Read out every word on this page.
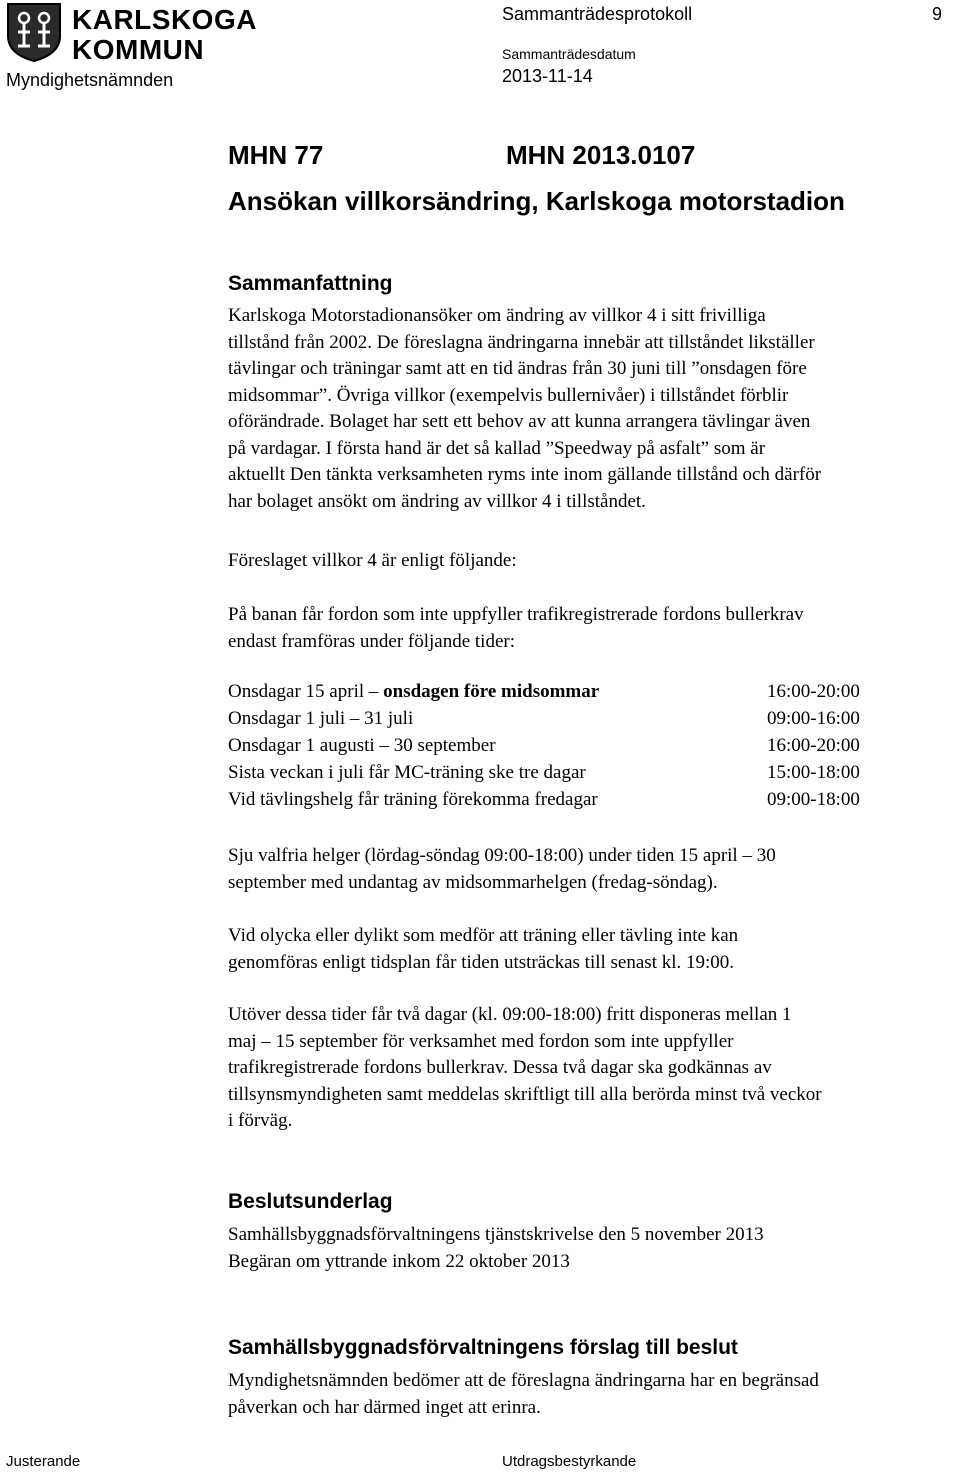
KARLSKOGA
KOMMUN
Myndighetsnämnden
Sammanträdesprotokoll	9
Sammanträdesdatum
2013-11-14
MHN 77	MHN 2013.0107
Ansökan villkorsändring, Karlskoga motorstadion
Sammanfattning
Karlskoga Motorstadionansöker om ändring av villkor 4 i sitt frivilliga
tillstånd från 2002. De föreslagna ändringarna innebär att tillståndet likställer
tävlingar och träningar samt att en tid ändras från 30 juni till ”onsdagen före
midsommar”. Övriga villkor (exempelvis bullernivåer) i tillståndet förblir
oförändrade. Bolaget har sett ett behov av att kunna arrangera tävlingar även
på vardagar. I första hand är det så kallad ”Speedway på asfalt” som är
aktuellt Den tänkta verksamheten ryms inte inom gällande tillstånd och därför
har bolaget ansökt om ändring av villkor 4 i tillståndet.
Föreslaget villkor 4 är enligt följande:
På banan får fordon som inte uppfyller trafikregistrerade fordons bullerkrav
endast framföras under följande tider:
Onsdagar 15 april – onsdagen före midsommar	16:00-20:00
Onsdagar 1 juli – 31 juli	09:00-16:00
Onsdagar 1 augusti – 30 september	16:00-20:00
Sista veckan i juli får MC-träning ske tre dagar	15:00-18:00
Vid tävlingshelg får träning förekomma fredagar	09:00-18:00
Sju valfria helger (lördag-söndag 09:00-18:00) under tiden 15 april – 30
september med undantag av midsommarhelgen (fredag-söndag).
Vid olycka eller dylikt som medför att träning eller tävling inte kan
genomföras enligt tidsplan får tiden utsträckas till senast kl. 19:00.
Utöver dessa tider får två dagar (kl. 09:00-18:00) fritt disponeras mellan 1
maj – 15 september för verksamhet med fordon som inte uppfyller
trafikregistrerade fordons bullerkrav. Dessa två dagar ska godkännas av
tillsynsmyndigheten samt meddelas skriftligt till alla berörda minst två veckor
i förväg.
Beslutsunderlag
Samhällsbyggnadsförvaltningens tjänstskrivelse den 5 november 2013
Begäran om yttrande inkom 22 oktober 2013
Samhällsbyggnadsförvaltningens förslag till beslut
Myndighetsnämnden bedömer att de föreslagna ändringarna har en begränsad
påverkan och har därmed inget att erinra.
Justerande	Utdragsbestyrkande
